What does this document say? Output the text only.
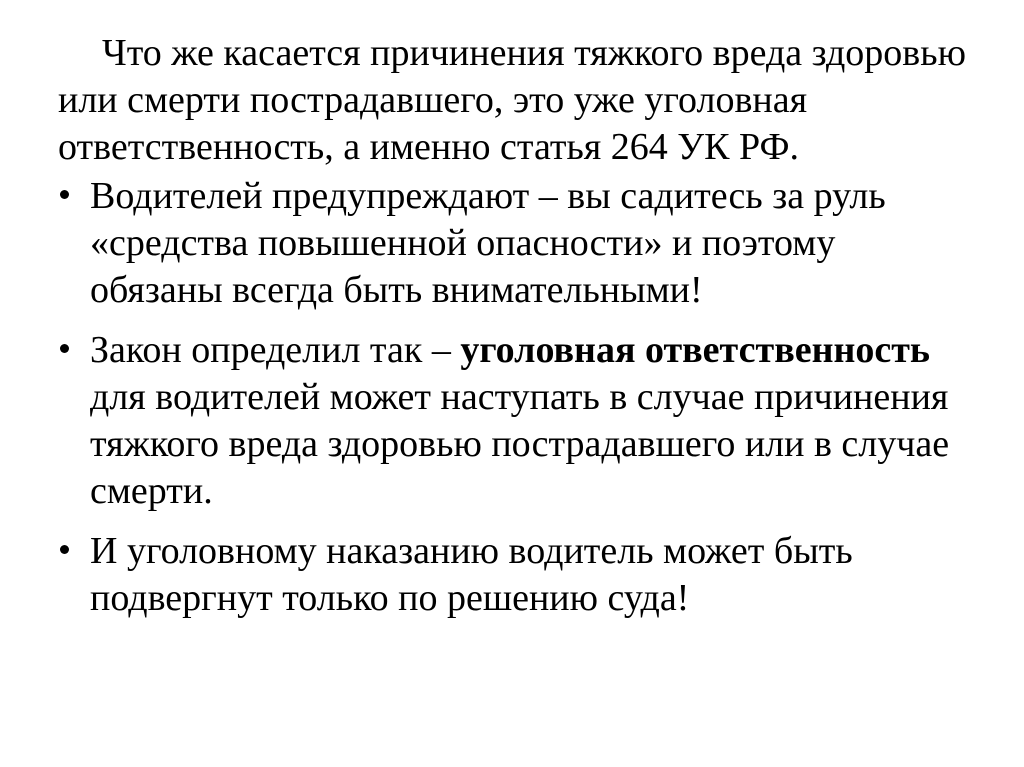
Что же касается причинения тяжкого вреда здоровью или смерти пострадавшего, это уже уголовная ответственность, а именно статья 264 УК РФ.

Водителей предупреждают – вы садитесь за руль «средства повышенной опасности» и поэтому обязаны всегда быть внимательными!
Закон определил так – уголовная ответственность для водителей может наступать в случае причинения тяжкого вреда здоровью пострадавшего или в случае смерти.
И уголовному наказанию водитель может быть подвергнут только по решению суда!
